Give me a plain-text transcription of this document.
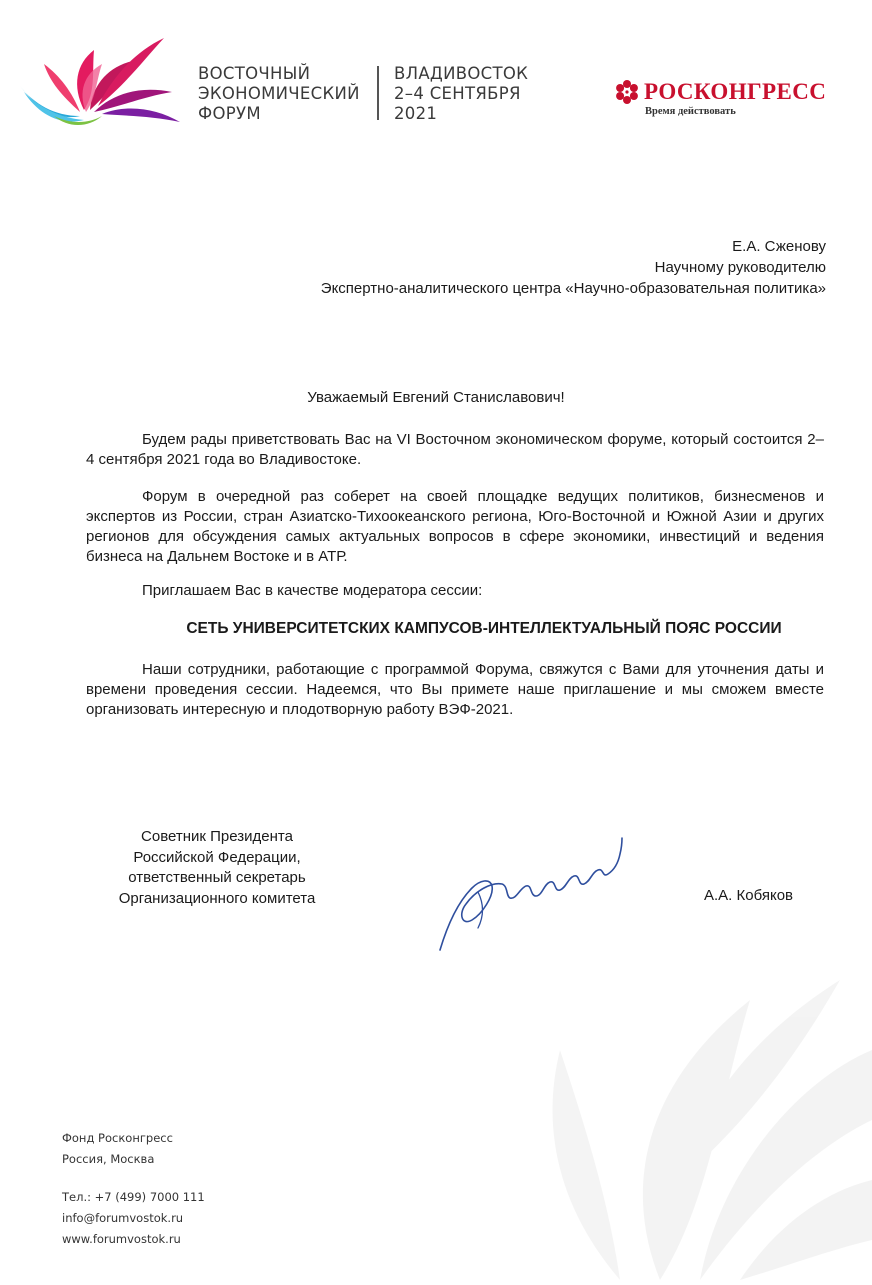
ВОСТОЧНЫЙ
ЭКОНОМИЧЕСКИЙ
ФОРУМ
ВЛАДИВОСТОК
2–4 СЕНТЯБРЯ
2021
РОСКОНГРЕСС
Время действовать
Е.А. Сженову
Научному руководителю
Экспертно-аналитического центра «Научно-образовательная политика»
Уважаемый Евгений Станиславович!
Будем рады приветствовать Вас на VI Восточном экономическом форуме, который состоится 2–4 сентября 2021 года во Владивостоке.
Форум в очередной раз соберет на своей площадке ведущих политиков, бизнесменов и экспертов из России, стран Азиатско-Тихоокеанского региона, Юго-Восточной и Южной Азии и других регионов для обсуждения самых актуальных вопросов в сфере экономики, инвестиций и ведения бизнеса на Дальнем Востоке и в АТР.
Приглашаем Вас в качестве модератора сессии:
СЕТЬ УНИВЕРСИТЕТСКИХ КАМПУСОВ-ИНТЕЛЛЕКТУАЛЬНЫЙ ПОЯС РОССИИ
Наши сотрудники, работающие с программой Форума, свяжутся с Вами для уточнения даты и времени проведения сессии. Надеемся, что Вы примете наше приглашение и мы сможем вместе организовать интересную и плодотворную работу ВЭФ-2021.
Советник Президента
Российской Федерации,
ответственный секретарь
Организационного комитета	А.А. Кобяков
Фонд Росконгресс
Россия, Москва
Тел.: +7 (499) 7000 111
info@forumvostok.ru
www.forumvostok.ru
